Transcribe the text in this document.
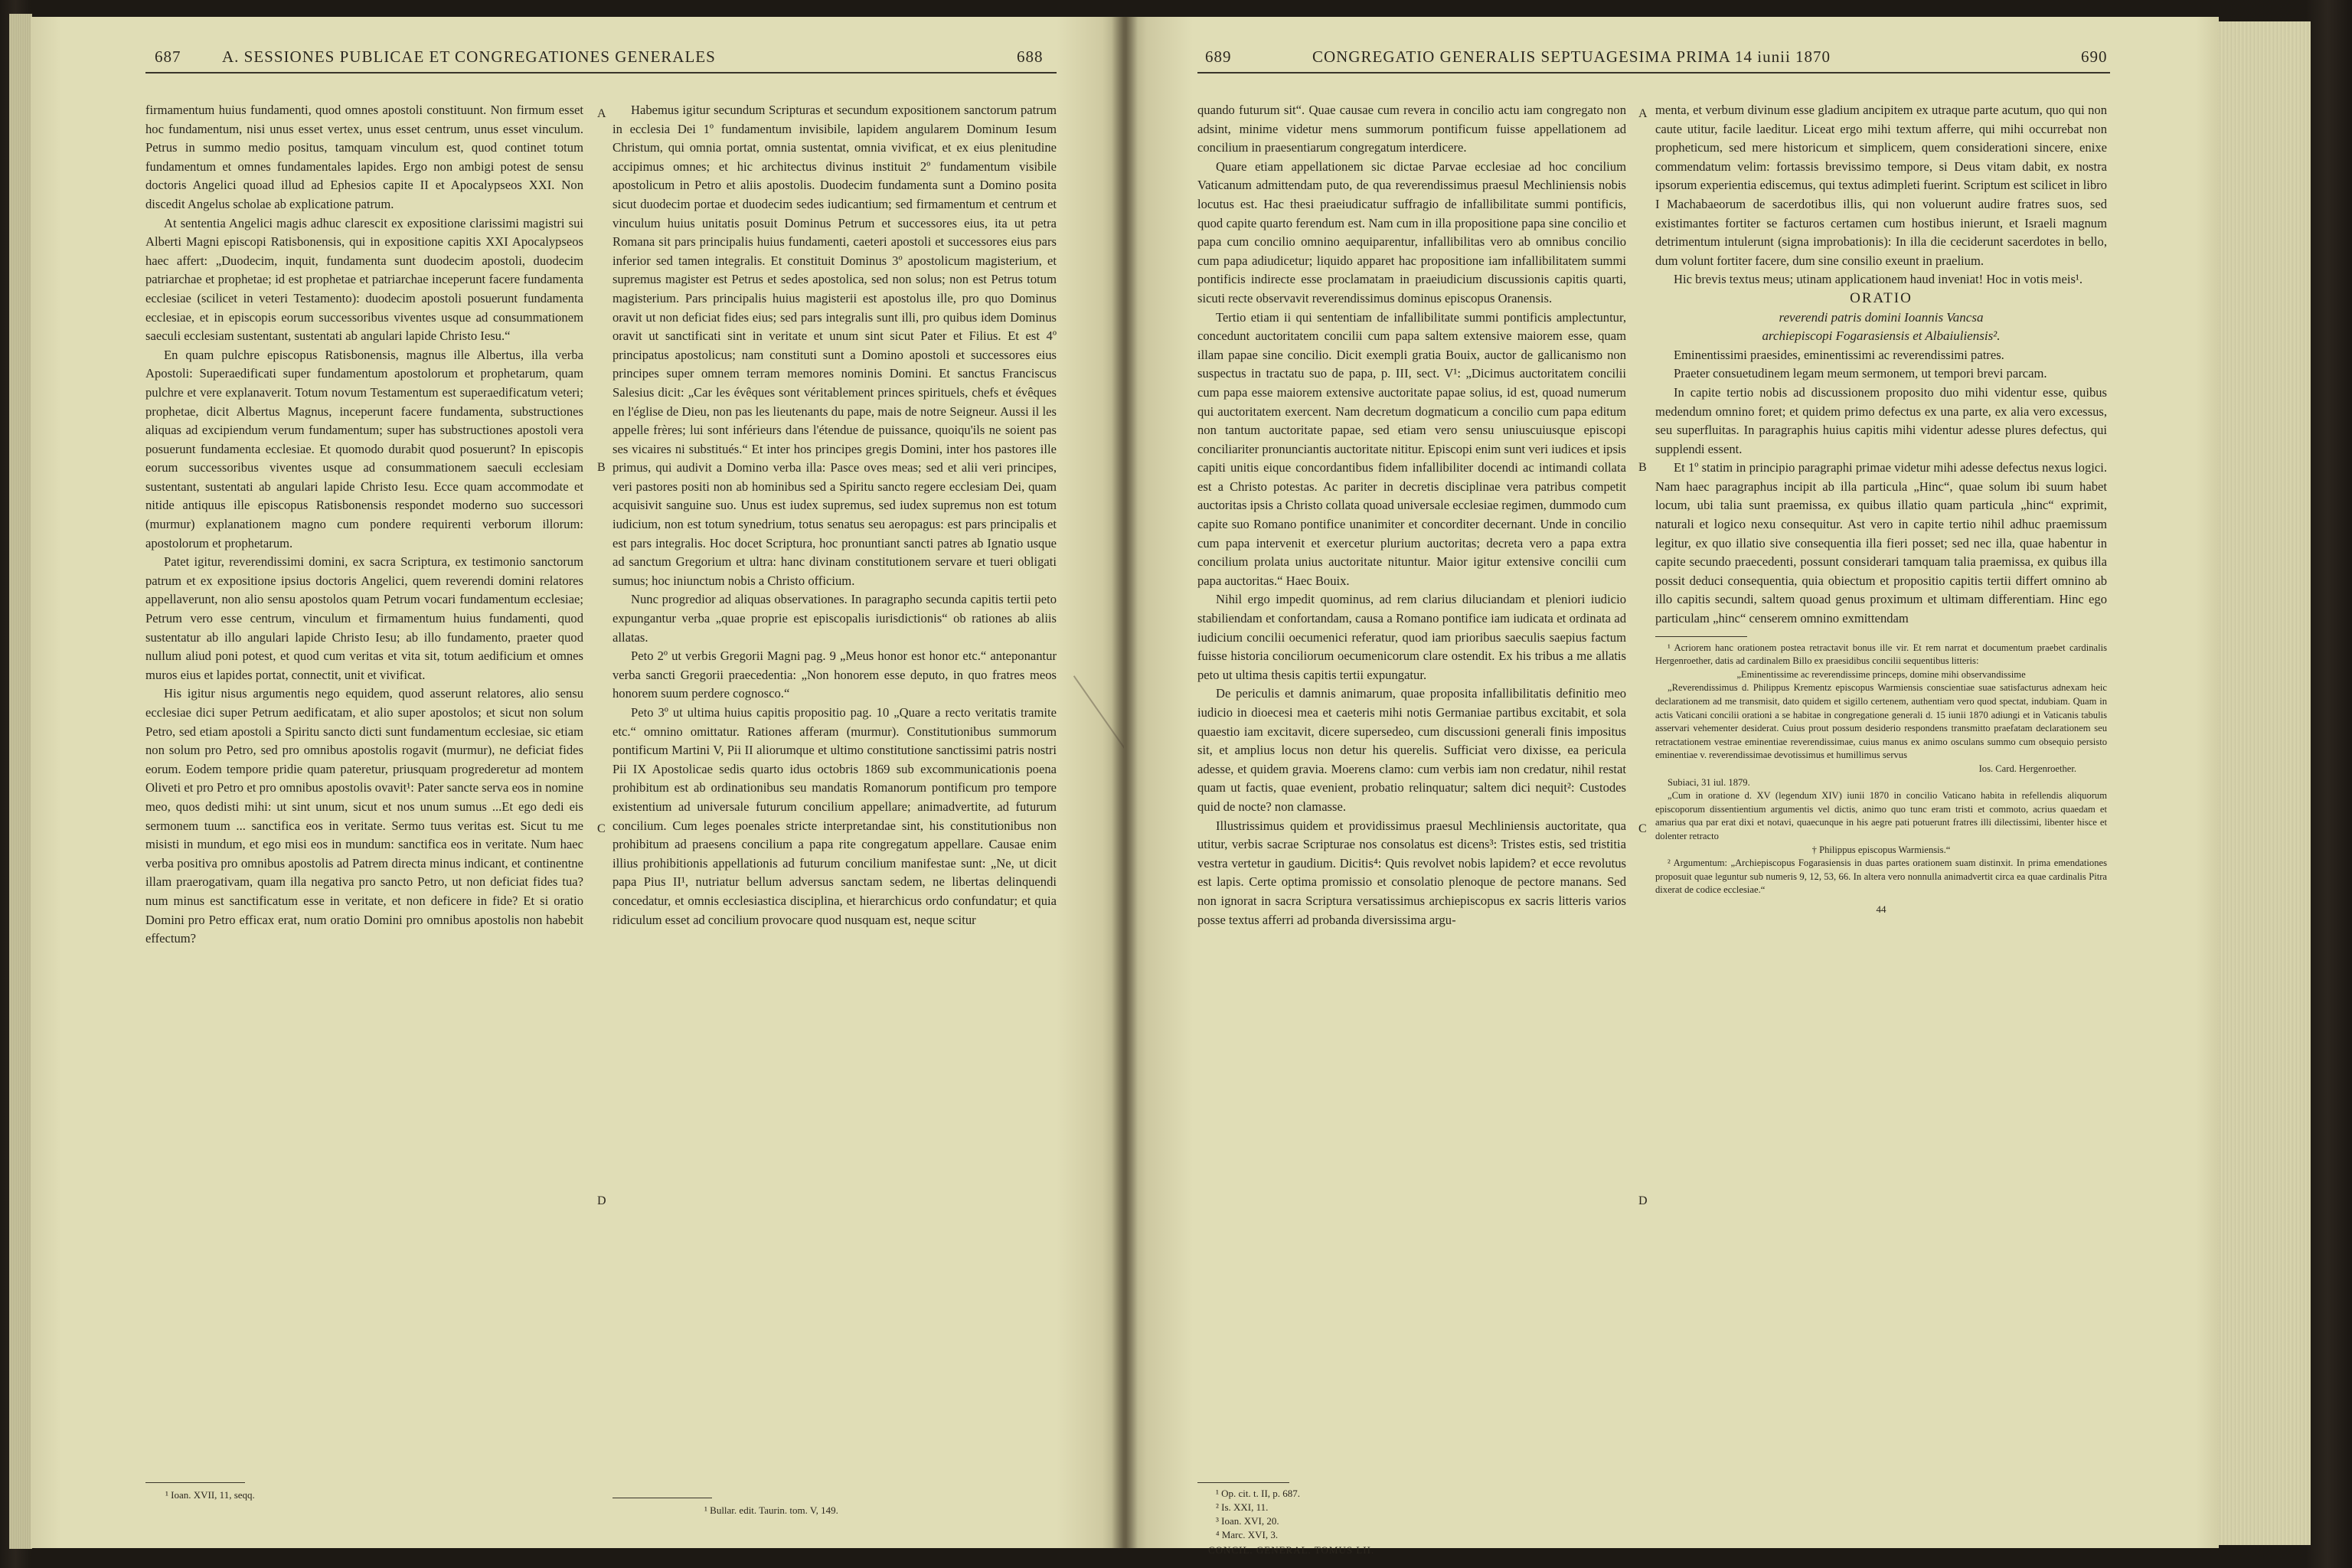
687	A. SESSIONES PUBLICAE ET CONGREGATIONES GENERALES	688

firmamentum huius fundamenti, quod omnes apostoli constituunt. Non firmum esset hoc fundamentum, nisi unus esset vertex, unus esset centrum, unus esset vinculum. Petrus in summo medio positus, tamquam vinculum est, quod continet totum fundamentum et omnes fundamentales lapides. Ergo non ambigi potest de sensu doctoris Angelici quoad illud ad Ephesios capite II et Apocalypseos XXI. Non discedit Angelus scholae ab explicatione patrum.

At sententia Angelici magis adhuc clarescit ex expositione clarissimi magistri sui Alberti Magni episcopi Ratisbonensis, qui in expositione capitis XXI Apocalypseos haec affert: „Duodecim, inquit, fundamenta sunt duodecim apostoli, duodecim patriarchae et prophetae; id est prophetae et patriarchae inceperunt facere fundamenta ecclesiae (scilicet in veteri Testamento): duodecim apostoli posuerunt fundamenta ecclesiae, et in episcopis eorum successoribus viventes usque ad consummationem saeculi ecclesiam sustentant, sustentati ab angulari lapide Christo Iesu.“

En quam pulchre episcopus Ratisbonensis, magnus ille Albertus, illa verba Apostoli: Superaedificati super fundamentum apostolorum et prophetarum, quam pulchre et vere explanaverit. Totum novum Testamentum est superaedificatum veteri; prophetae, dicit Albertus Magnus, inceperunt facere fundamenta, substructiones aliquas ad excipiendum verum fundamentum; super has substructiones apostoli vera posuerunt fundamenta ecclesiae. Et quomodo durabit quod posuerunt? In episcopis eorum successoribus viventes usque ad consummationem saeculi ecclesiam sustentant, sustentati ab angulari lapide Christo Iesu. Ecce quam accommodate et nitide antiquus ille episcopus Ratisbonensis respondet moderno suo successori (murmur) explanationem magno cum pondere requirenti verborum illorum: apostolorum et prophetarum.

Patet igitur, reverendissimi domini, ex sacra Scriptura, ex testimonio sanctorum patrum et ex expositione ipsius doctoris Angelici, quem reverendi domini relatores appellaverunt, non alio sensu apostolos quam Petrum vocari fundamentum ecclesiae; Petrum vero esse centrum, vinculum et firmamentum huius fundamenti, quod sustentatur ab illo angulari lapide Christo Iesu; ab illo fundamento, praeter quod nullum aliud poni potest, et quod cum veritas et vita sit, totum aedificium et omnes muros eius et lapides portat, connectit, unit et vivificat.

His igitur nisus argumentis nego equidem, quod asserunt relatores, alio sensu ecclesiae dici super Petrum aedificatam, et alio super apostolos; et sicut non solum Petro, sed etiam apostoli a Spiritu sancto dicti sunt fundamentum ecclesiae, sic etiam non solum pro Petro, sed pro omnibus apostolis rogavit (murmur), ne deficiat fides eorum. Eodem tempore pridie quam pateretur, priusquam progrederetur ad montem Oliveti et pro Petro et pro omnibus apostolis ovavit¹: Pater sancte serva eos in nomine meo, quos dedisti mihi: ut sint unum, sicut et nos unum sumus ...Et ego dedi eis sermonem tuum ... sanctifica eos in veritate. Sermo tuus veritas est. Sicut tu me misisti in mundum, et ego misi eos in mundum: sanctifica eos in veritate. Num haec verba positiva pro omnibus apostolis ad Patrem directa minus indicant, et continentne illam praerogativam, quam illa negativa pro sancto Petro, ut non deficiat fides tua? num minus est sanctificatum esse in veritate, et non deficere in fide? Et si oratio Domini pro Petro efficax erat, num oratio Domini pro omnibus apostolis non habebit effectum?

¹ Ioan. XVII, 11, seqq.
A
B
C
D

Habemus igitur secundum Scripturas et secundum expositionem sanctorum patrum in ecclesia Dei 1º fundamentum invisibile, lapidem angularem Dominum Iesum Christum, qui omnia portat, omnia sustentat, omnia vivificat, et ex eius plenitudine accipimus omnes; et hic architectus divinus instituit 2º fundamentum visibile apostolicum in Petro et aliis apostolis. Duodecim fundamenta sunt a Domino posita sicut duodecim portae et duodecim sedes iudicantium; sed firmamentum et centrum et vinculum huius unitatis posuit Dominus Petrum et successores eius, ita ut petra Romana sit pars principalis huius fundamenti, caeteri apostoli et successores eius pars inferior sed tamen integralis. Et constituit Dominus 3º apostolicum magisterium, et supremus magister est Petrus et sedes apostolica, sed non solus; non est Petrus totum magisterium. Pars principalis huius magisterii est apostolus ille, pro quo Dominus oravit ut non deficiat fides eius; sed pars integralis sunt illi, pro quibus idem Dominus oravit ut sanctificati sint in veritate et unum sint sicut Pater et Filius. Et est 4º principatus apostolicus; nam constituti sunt a Domino apostoli et successores eius principes super omnem terram memores nominis Domini. Et sanctus Franciscus Salesius dicit: „Car les évêques sont véritablement princes spirituels, chefs et évêques en l'église de Dieu, non pas les lieutenants du pape, mais de notre Seigneur. Aussi il les appelle frères; lui sont inférieurs dans l'étendue de puissance, quoiqu'ils ne soient pas ses vicaires ni substitués.“ Et inter hos principes gregis Domini, inter hos pastores ille primus, qui audivit a Domino verba illa: Pasce oves meas; sed et alii veri principes, veri pastores positi non ab hominibus sed a Spiritu sancto regere ecclesiam Dei, quam acquisivit sanguine suo. Unus est iudex supremus, sed iudex supremus non est totum iudicium, non est totum synedrium, totus senatus seu aeropagus: est pars principalis et est pars integralis. Hoc docet Scriptura, hoc pronuntiant sancti patres ab Ignatio usque ad sanctum Gregorium et ultra: hanc divinam constitutionem servare et tueri obligati sumus; hoc iniunctum nobis a Christo officium.

Nunc progredior ad aliquas observationes. In paragrapho secunda capitis tertii peto expungantur verba „quae proprie est episcopalis iurisdictionis“ ob rationes ab aliis allatas.

Peto 2º ut verbis Gregorii Magni pag. 9 „Meus honor est honor etc.“ anteponantur verba sancti Gregorii praecedentia: „Non honorem esse deputo, in quo fratres meos honorem suum perdere cognosco.“

Peto 3º ut ultima huius capitis propositio pag. 10 „Quare a recto veritatis tramite etc.“ omnino omittatur. Rationes afferam (murmur). Constitutionibus summorum pontificum Martini V, Pii II aliorumque et ultimo constitutione sanctissimi patris nostri Pii IX Apostolicae sedis quarto idus octobris 1869 sub excommunicationis poena prohibitum est ab ordinationibus seu mandatis Romanorum pontificum pro tempore existentium ad universale futurum concilium appellare; animadvertite, ad futurum concilium. Cum leges poenales stricte interpretandae sint, his constitutionibus non prohibitum ad praesens concilium a papa rite congregatum appellare. Causae enim illius prohibitionis appellationis ad futurum concilium manifestae sunt: „Ne, ut dicit papa Pius II¹, nutriatur bellum adversus sanctam sedem, ne libertas delinquendi concedatur, et omnis ecclesiastica disciplina, et hierarchicus ordo confundatur; et quia ridiculum esset ad concilium provocare quod nusquam est, neque scitur

¹ Bullar. edit. Taurin. tom. V, 149.
689	CONGREGATIO GENERALIS SEPTUAGESIMA PRIMA 14 iunii 1870	690

quando futurum sit“. Quae causae cum revera in concilio actu iam congregato non adsint, minime videtur mens summorum pontificum fuisse appellationem ad concilium in praesentiarum congregatum interdicere.

Quare etiam appellationem sic dictae Parvae ecclesiae ad hoc concilium Vaticanum admittendam puto, de qua reverendissimus praesul Mechliniensis nobis locutus est. Hac thesi praeiudicatur suffragio de infallibilitate summi pontificis, quod capite quarto ferendum est. Nam cum in illa propositione papa sine concilio et papa cum concilio omnino aequiparentur, infallibilitas vero ab omnibus concilio cum papa adiudicetur; liquido apparet hac propositione iam infallibilitatem summi pontificis indirecte esse proclamatam in praeiudicium discussionis capitis quarti, sicuti recte observavit reverendissimus dominus episcopus Oranensis.

Tertio etiam ii qui sententiam de infallibilitate summi pontificis amplectuntur, concedunt auctoritatem concilii cum papa saltem extensive maiorem esse, quam illam papae sine concilio. Dicit exempli gratia Bouix, auctor de gallicanismo non suspectus in tractatu suo de papa, p. III, sect. V¹: „Dicimus auctoritatem concilii cum papa esse maiorem extensive auctoritate papae solius, id est, quoad numerum qui auctoritatem exercent. Nam decretum dogmaticum a concilio cum papa editum non tantum auctoritate papae, sed etiam vero sensu uniuscuiusque episcopi conciliariter pronunciantis auctoritate nititur. Episcopi enim sunt veri iudices et ipsis capiti unitis eique concordantibus fidem infallibiliter docendi ac intimandi collata est a Christo potestas. Ac pariter in decretis disciplinae vera patribus competit auctoritas ipsis a Christo collata quoad universale ecclesiae regimen, dummodo cum capite suo Romano pontifice unanimiter et concorditer decernant. Unde in concilio cum papa intervenit et exercetur plurium auctoritas; decreta vero a papa extra concilium prolata unius auctoritate nituntur. Maior igitur extensive concilii cum papa auctoritas.“ Haec Bouix.

Nihil ergo impedit quominus, ad rem clarius diluciandam et pleniori iudicio stabiliendam et confortandam, causa a Romano pontifice iam iudicata et ordinata ad iudicium concilii oecumenici referatur, quod iam prioribus saeculis saepius factum fuisse historia conciliorum oecumenicorum clare ostendit. Ex his tribus a me allatis peto ut ultima thesis capitis tertii expungatur.

De periculis et damnis animarum, quae proposita infallibilitatis definitio meo iudicio in dioecesi mea et caeteris mihi notis Germaniae partibus excitabit, et sola quaestio iam excitavit, dicere supersedeo, cum discussioni generali finis impositus sit, et amplius locus non detur his querelis. Sufficiat vero dixisse, ea pericula adesse, et quidem gravia. Moerens clamo: cum verbis iam non credatur, nihil restat quam ut factis, quae evenient, probatio relinquatur; saltem dici nequit²: Custodes quid de nocte? non clamasse.

Illustrissimus quidem et providissimus praesul Mechliniensis auctoritate, qua utitur, verbis sacrae Scripturae nos consolatus est dicens³: Tristes estis, sed tristitia vestra vertetur in gaudium. Dicitis⁴: Quis revolvet nobis lapidem? et ecce revolutus est lapis. Certe optima promissio et consolatio plenoque de pectore manans. Sed non ignorat in sacra Scriptura versatissimus archiepiscopus ex sacris litteris varios posse textus afferri ad probanda diversissima argu-

¹ Op. cit. t. II, p. 687.
² Is. XXI, 11.
³ Ioan. XVI, 20.
⁴ Marc. XVI, 3.
CONCIL. GENERAL. TOMUS LII.
A
B
C
D

menta, et verbum divinum esse gladium ancipitem ex utraque parte acutum, quo qui non caute utitur, facile laeditur. Liceat ergo mihi textum afferre, qui mihi occurrebat non propheticum, sed mere historicum et simplicem, quem considerationi sincere, enixe commendatum velim: fortassis brevissimo tempore, si Deus vitam dabit, ex nostra ipsorum experientia ediscemus, qui textus adimpleti fuerint. Scriptum est scilicet in libro I Machabaeorum de sacerdotibus illis, qui non voluerunt audire fratres suos, sed existimantes fortiter se facturos certamen cum hostibus inierunt, et Israeli magnum detrimentum intulerunt (signa improbationis): In illa die ceciderunt sacerdotes in bello, dum volunt fortiter facere, dum sine consilio exeunt in praelium.

Hic brevis textus meus; utinam applicationem haud inveniat! Hoc in votis meis¹.

ORATIO

reverendi patris domini Ioannis Vancsa

archiepiscopi Fogarasiensis et Albaiuliensis².

Eminentissimi praesides, eminentissimi ac reverendissimi patres.

Praeter consuetudinem legam meum sermonem, ut tempori brevi parcam.

In capite tertio nobis ad discussionem proposito duo mihi videntur esse, quibus medendum omnino foret; et quidem primo defectus ex una parte, ex alia vero excessus, seu superfluitas. In paragraphis huius capitis mihi videntur adesse plures defectus, qui supplendi essent.

Et 1º statim in principio paragraphi primae videtur mihi adesse defectus nexus logici. Nam haec paragraphus incipit ab illa particula „Hinc“, quae solum ibi suum habet locum, ubi talia sunt praemissa, ex quibus illatio quam particula „hinc“ exprimit, naturali et logico nexu consequitur. Ast vero in capite tertio nihil adhuc praemissum legitur, ex quo illatio sive consequentia illa fieri posset; sed nec illa, quae habentur in capite secundo praecedenti, possunt considerari tamquam talia praemissa, ex quibus illa possit deduci consequentia, quia obiectum et propositio capitis tertii differt omnino ab illo capitis secundi, saltem quoad genus proximum et ultimam differentiam. Hinc ego particulam „hinc“ censerem omnino exmittendam

¹ Acriorem hanc orationem postea retractavit bonus ille vir. Et rem narrat et documentum praebet cardinalis Hergenroether, datis ad cardinalem Billo ex praesidibus concilii sequentibus litteris:

„Eminentissime ac reverendissime princeps, domine mihi observandissime

„Reverendissimus d. Philippus Krementz episcopus Warmiensis conscientiae suae satisfacturus adnexam heic declarationem ad me transmisit, dato quidem et sigillo certenem, authentiam vero quod spectat, indubiam. Quam in actis Vaticani concilii orationi a se habitae in congregatione generali d. 15 iunii 1870 adiungi et in Vaticanis tabulis asservari vehementer desiderat. Cuius prout possum desiderio respondens transmitto praefatam declarationem seu retractationem vestrae eminentiae reverendissimae, cuius manus ex animo osculans summo cum obsequio persisto eminentiae v. reverendissimae devotissimus et humillimus servus

Ios. Card. Hergenroether.

Subiaci, 31 iul. 1879.

„Cum in oratione d. XV (legendum XIV) iunii 1870 in concilio Vaticano habita in refellendis aliquorum episcoporum dissentientium argumentis vel dictis, animo quo tunc eram tristi et commoto, acrius quaedam et amarius qua par erat dixi et notavi, quaecunque in his aegre pati potuerunt fratres illi dilectissimi, libenter hisce et dolenter retracto

† Philippus episcopus Warmiensis.“

² Argumentum: „Archiepiscopus Fogarasiensis in duas partes orationem suam distinxit. In prima emendationes proposuit quae leguntur sub numeris 9, 12, 53, 66. In altera vero nonnulla animadvertit circa ea quae cardinalis Pitra dixerat de codice ecclesiae.“

44
